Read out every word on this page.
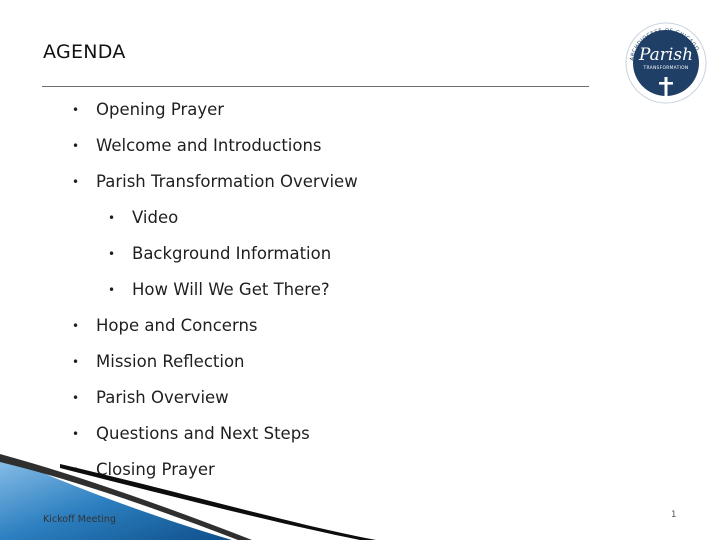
AGENDA	ARCHDIOCESE OF CHICAGO
Parish
TRANSFORMATION
• Opening Prayer
• Welcome and Introductions
• Parish Transformation Overview
• Video
• Background Information
• How Will We Get There?
• Hope and Concerns
• Mission Reflection
• Parish Overview
• Questions and Next Steps
Closing Prayer
Kickoff Meeting	1
